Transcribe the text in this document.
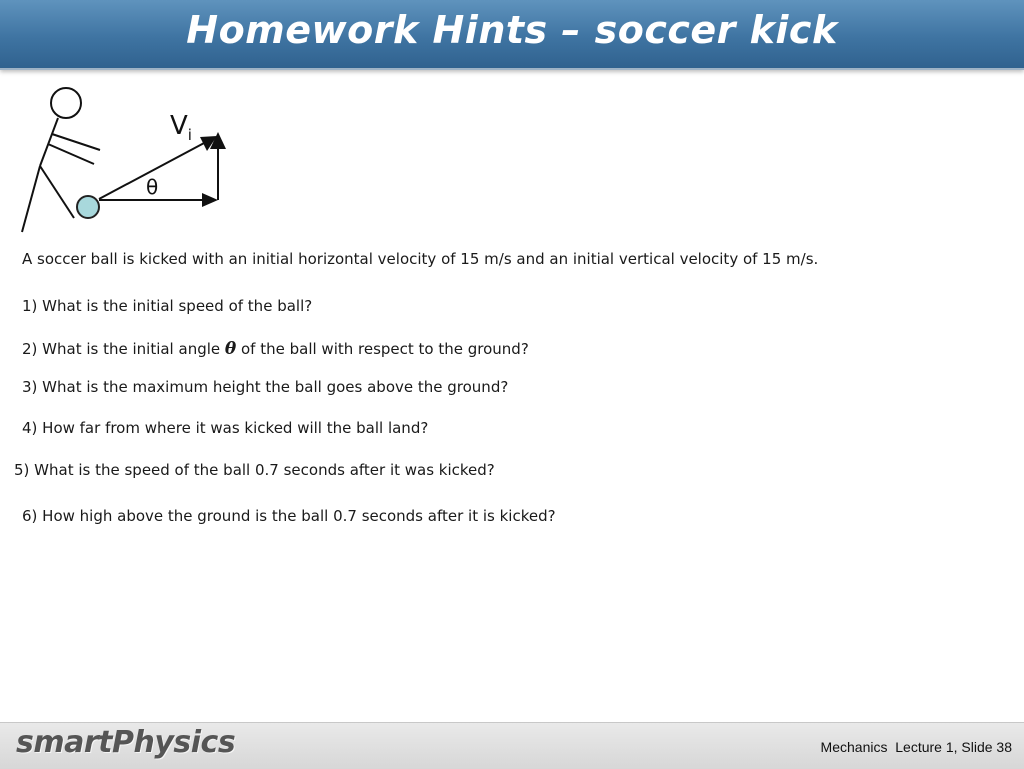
Homework Hints – soccer kick
$V_i$
θ
A soccer ball is kicked with an initial horizontal velocity of 15 m/s and an initial vertical velocity of 15 m/s.
1) What is the initial speed of the ball?
2) What is the initial angle θ of the ball with respect to the ground?
3) What is the maximum height the ball goes above the ground?
4) How far from where it was kicked will the ball land?
5) What is the speed of the ball 0.7 seconds after it was kicked?
6) How high above the ground is the ball 0.7 seconds after it is kicked?
smartPhysics	Mechanics  Lecture 1, Slide 38
